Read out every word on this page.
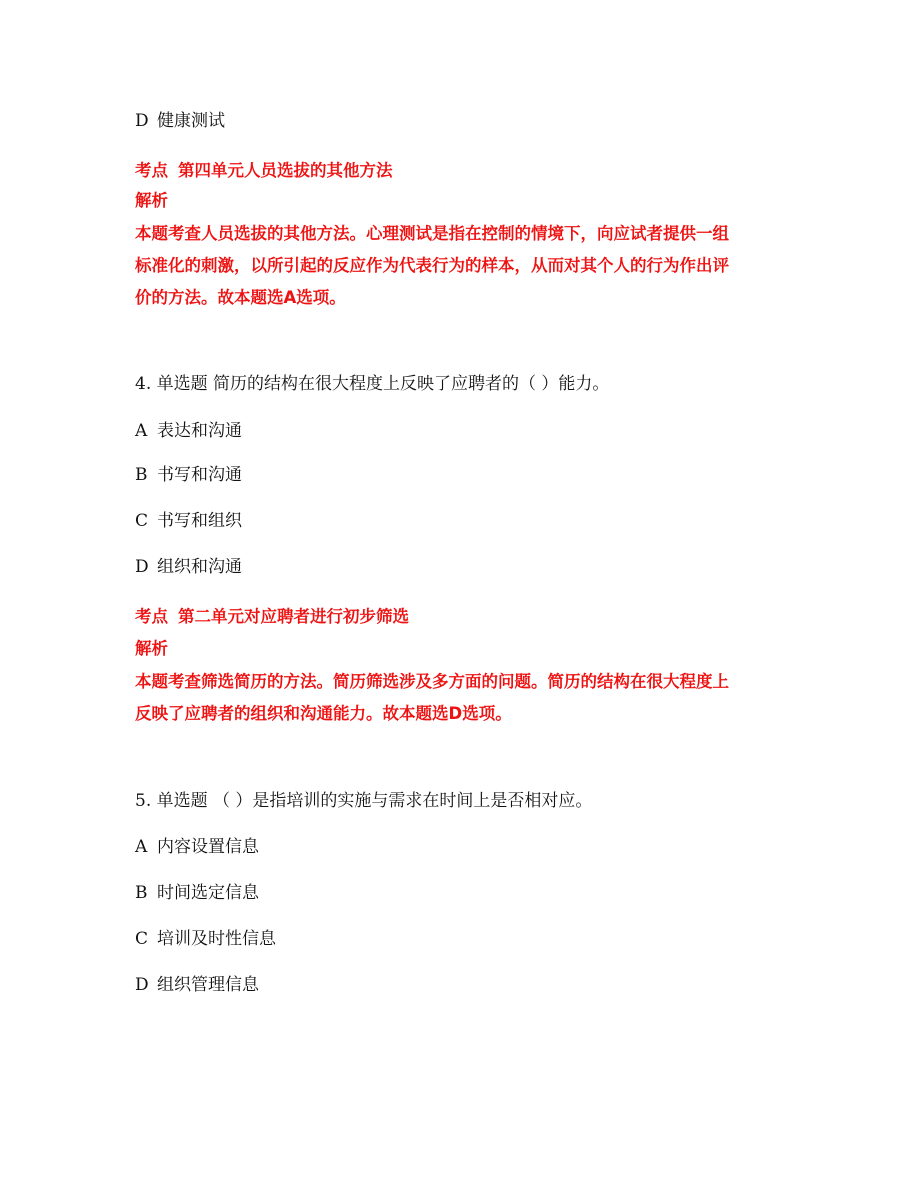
D 健康测试
考点 第四单元人员选拔的其他方法
解析
本题考查人员选拔的其他方法。心理测试是指在控制的情境下，向应试者提供一组
标准化的刺激，以所引起的反应作为代表行为的样本，从而对其个人的行为作出评
价的方法。故本题选A选项。
4. 单选题 简历的结构在很大程度上反映了应聘者的（ ）能力。
A 表达和沟通
B 书写和沟通
C 书写和组织
D 组织和沟通
考点 第二单元对应聘者进行初步筛选
解析
本题考查筛选简历的方法。简历筛选涉及多方面的问题。简历的结构在很大程度上
反映了应聘者的组织和沟通能力。故本题选D选项。
5. 单选题 （ ）是指培训的实施与需求在时间上是否相对应。
A 内容设置信息
B 时间选定信息
C 培训及时性信息
D 组织管理信息
